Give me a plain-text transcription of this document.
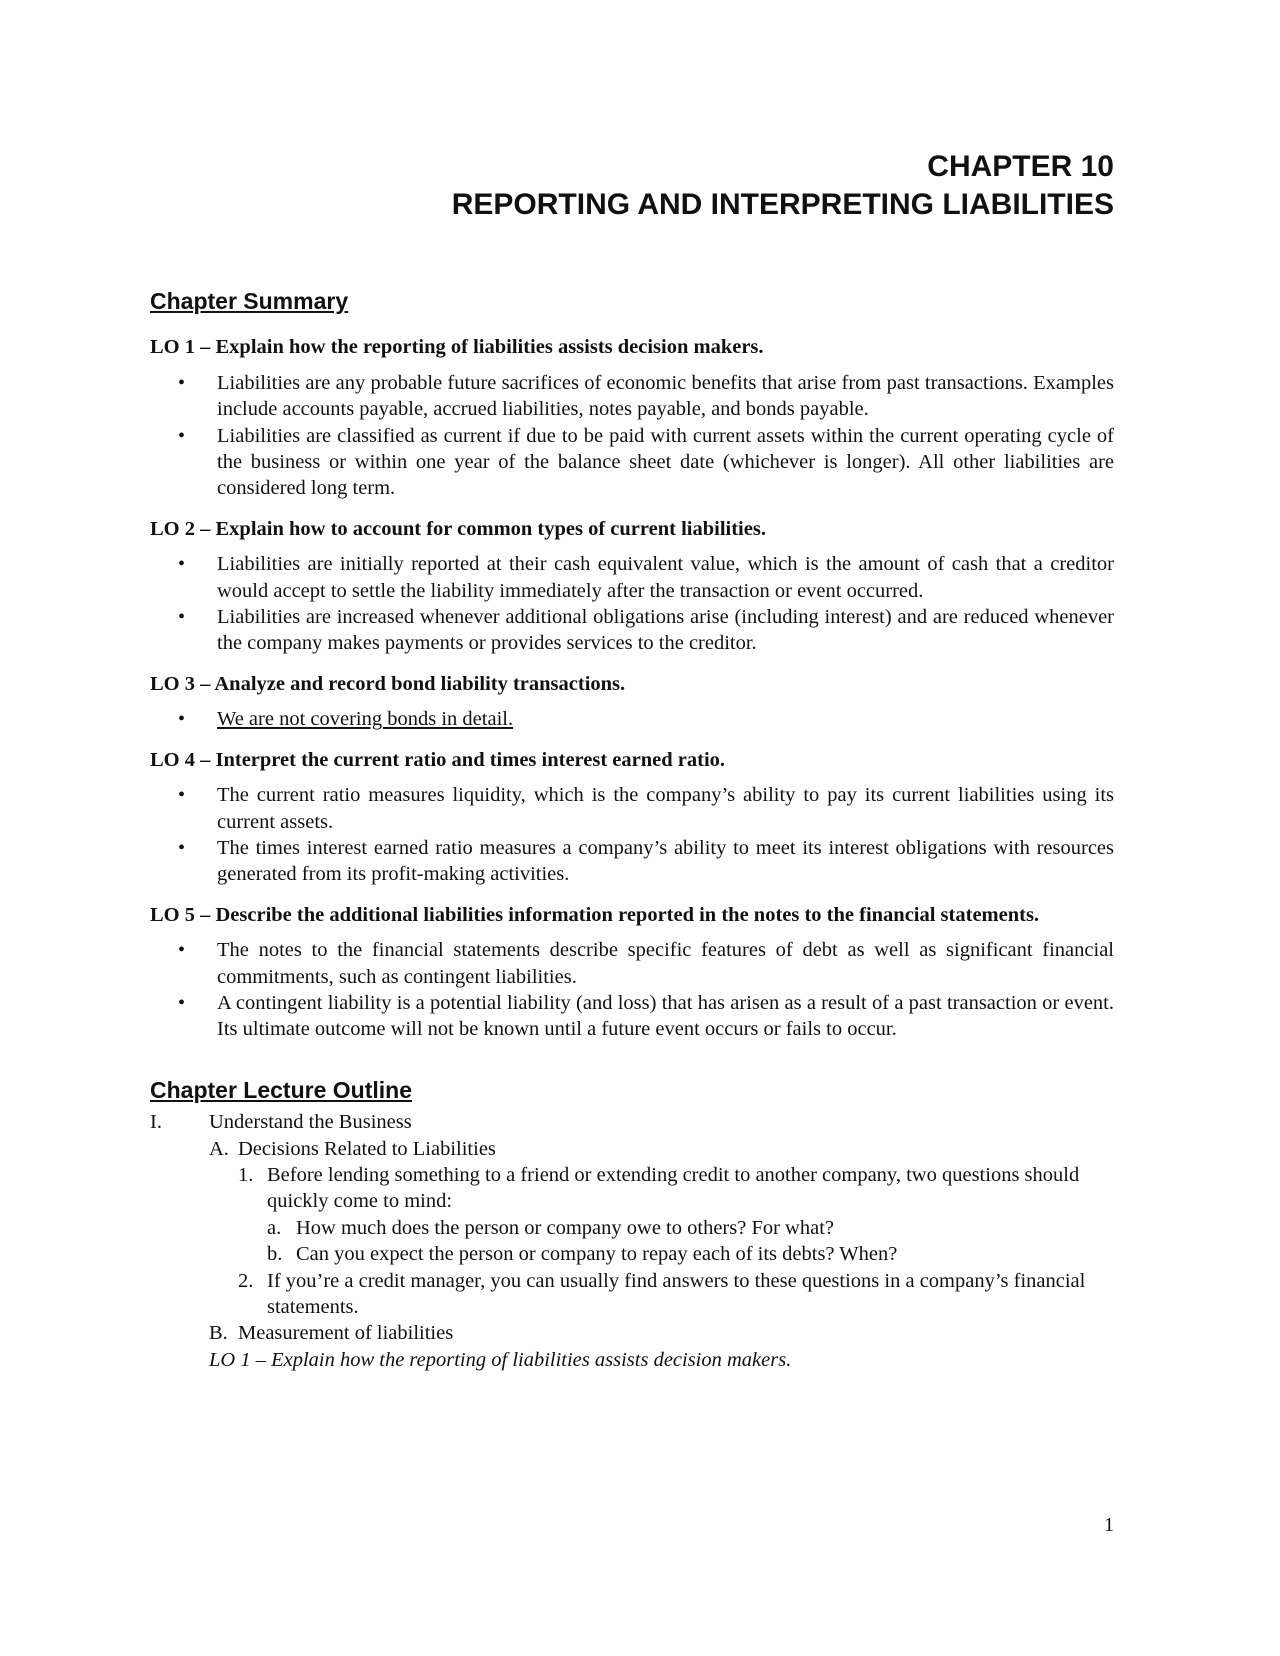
CHAPTER 10
REPORTING AND INTERPRETING LIABILITIES
Chapter Summary

LO 1 – Explain how the reporting of liabilities assists decision makers.

• Liabilities are any probable future sacrifices of economic benefits that arise from past transactions. Examples include accounts payable, accrued liabilities, notes payable, and bonds payable.
• Liabilities are classified as current if due to be paid with current assets within the current operating cycle of the business or within one year of the balance sheet date (whichever is longer). All other liabilities are considered long term.

LO 2 – Explain how to account for common types of current liabilities.

• Liabilities are initially reported at their cash equivalent value, which is the amount of cash that a creditor would accept to settle the liability immediately after the transaction or event occurred.
• Liabilities are increased whenever additional obligations arise (including interest) and are reduced whenever the company makes payments or provides services to the creditor.

LO 3 – Analyze and record bond liability transactions.

• We are not covering bonds in detail.

LO 4 – Interpret the current ratio and times interest earned ratio.

• The current ratio measures liquidity, which is the company’s ability to pay its current liabilities using its current assets.
• The times interest earned ratio measures a company’s ability to meet its interest obligations with resources generated from its profit-making activities.

LO 5 – Describe the additional liabilities information reported in the notes to the financial statements.

• The notes to the financial statements describe specific features of debt as well as significant financial commitments, such as contingent liabilities.
• A contingent liability is a potential liability (and loss) that has arisen as a result of a past transaction or event. Its ultimate outcome will not be known until a future event occurs or fails to occur.
Chapter Lecture Outline
I.	Understand the Business
A. Decisions Related to Liabilities
1. Before lending something to a friend or extending credit to another company, two questions should quickly come to mind:
a. How much does the person or company owe to others? For what?
b. Can you expect the person or company to repay each of its debts? When?
2. If you’re a credit manager, you can usually find answers to these questions in a company’s financial statements.
B. Measurement of liabilities
LO 1 – Explain how the reporting of liabilities assists decision makers.
1
